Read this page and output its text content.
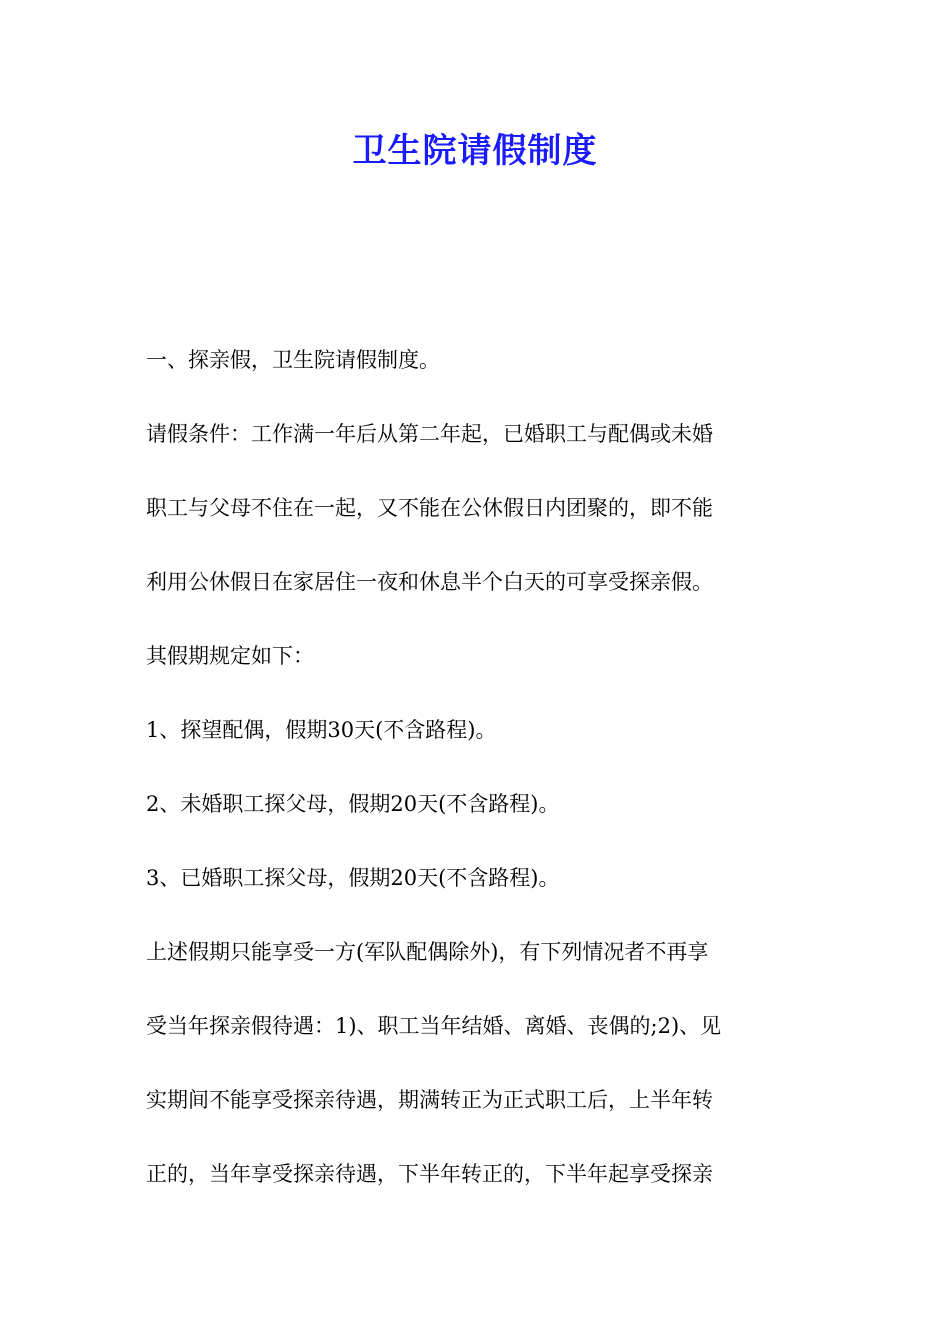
卫生院请假制度
一、探亲假，卫生院请假制度。
请假条件：工作满一年后从第二年起，已婚职工与配偶或未婚
职工与父母不住在一起，又不能在公休假日内团聚的，即不能
利用公休假日在家居住一夜和休息半个白天的可享受探亲假。
其假期规定如下：
1、探望配偶，假期30天(不含路程)。
2、未婚职工探父母，假期20天(不含路程)。
3、已婚职工探父母，假期20天(不含路程)。
上述假期只能享受一方(军队配偶除外)，有下列情况者不再享
受当年探亲假待遇：1)、职工当年结婚、离婚、丧偶的;2)、见
实期间不能享受探亲待遇，期满转正为正式职工后，上半年转
正的，当年享受探亲待遇，下半年转正的，下半年起享受探亲
